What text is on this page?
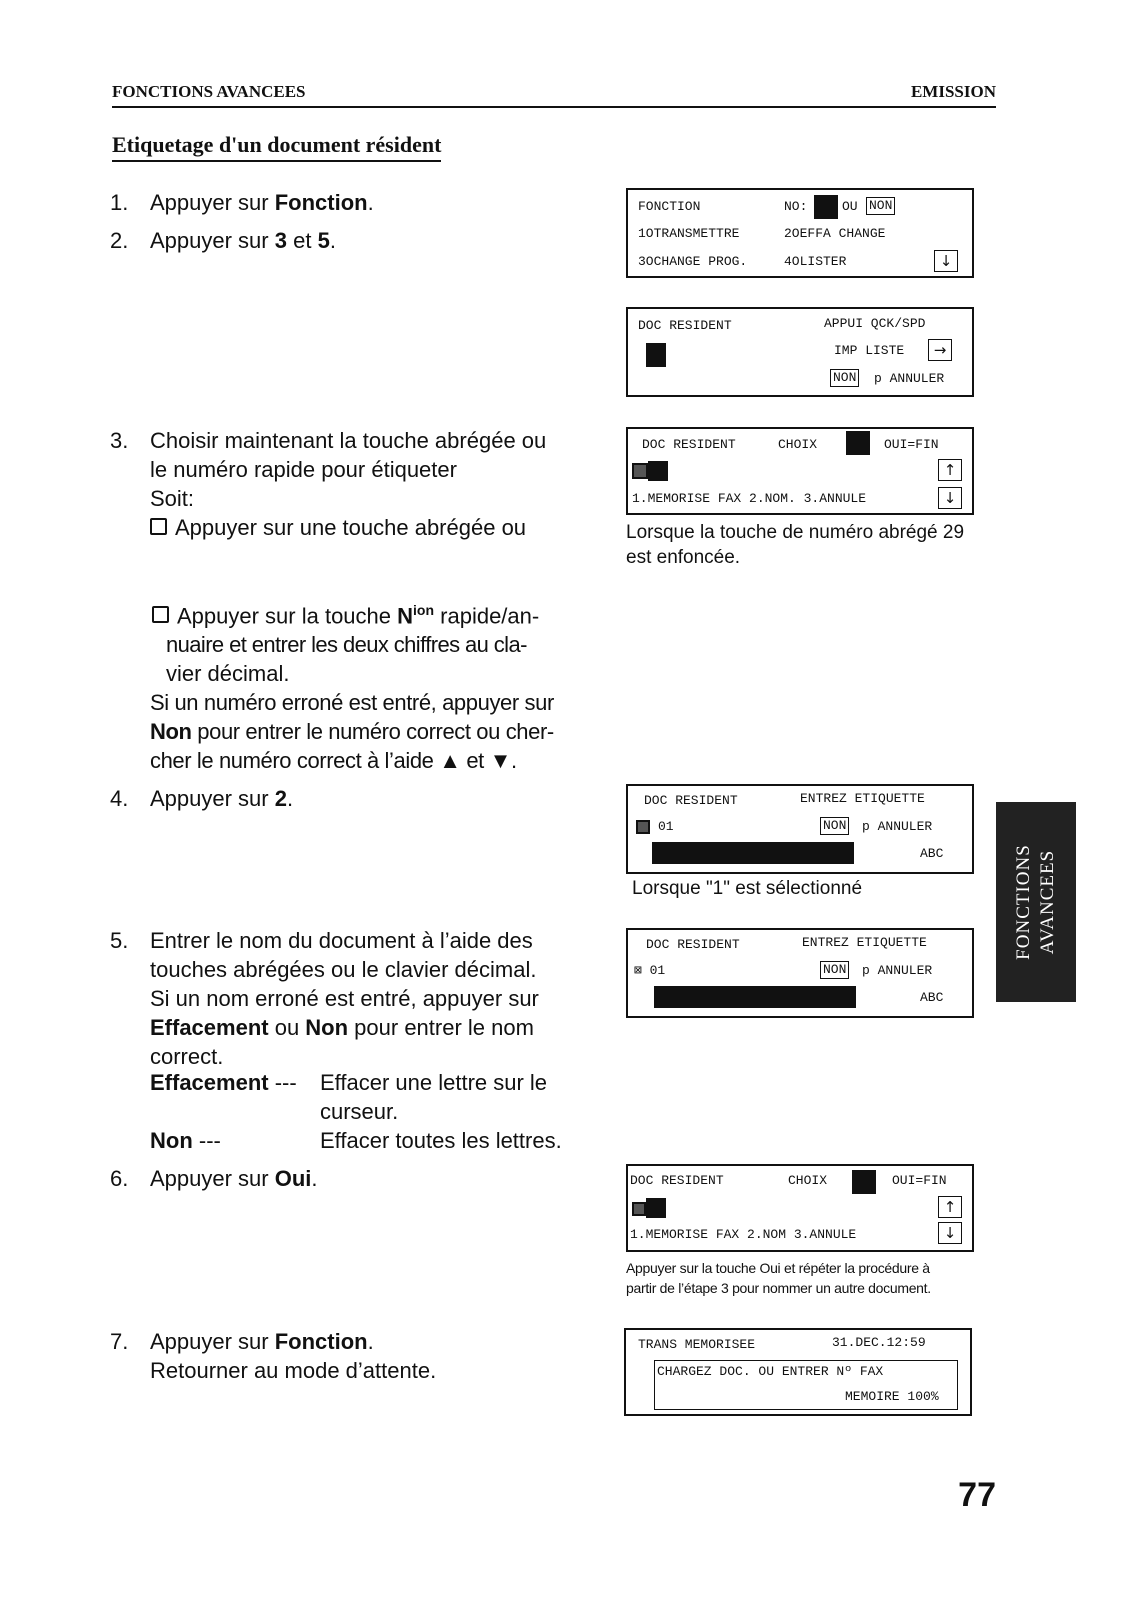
FONCTIONS AVANCEES	EMISSION
Etiquetage d'un document résident
1. Appuyer sur Fonction.
2. Appuyer sur 3 et 5.
3. Choisir maintenant la touche abrégée ou
le numéro rapide pour étiqueter
Soit:
Appuyer sur une touche abrégée ou
Appuyer sur la touche $N^{ion}$ rapide/an-
nuaire et entrer les deux chiffres au cla-
vier décimal.
Si un numéro erroné est entré, appuyer sur
Non pour entrer le numéro correct ou cher-
cher le numéro correct à l’aide ▲ et ▼.
4. Appuyer sur 2.
5. Entrer le nom du document à l’aide des
touches abrégées ou le clavier décimal.
Si un nom erroné est entré, appuyer sur
Effacement ou Non pour entrer le nom
correct.
Effacement --- Effacer une lettre sur le
curseur.
Non ---	Effacer toutes les lettres.
6. Appuyer sur Oui.
7. Appuyer sur Fonction.
Retourner au mode d’attente.
FONCTION	NO:	OU NON
1OTRANSMETTRE	2OEFFA CHANGE
3OCHANGE PROG.	4OLISTER	↓
DOC RESIDENT	APPUI QCK/SPD
IMP LISTE	→
NON p ANNULER
DOC RESIDENT	CHOIX	OUI=FIN
↑
1.MEMORISE FAX 2.NOM. 3.ANNULE	↓
Lorsque la touche de numéro abrégé 29
est enfoncée.
DOC RESIDENT	ENTREZ ETIQUETTE
01	NON p ANNULER
ABC
Lorsque "1" est sélectionné
DOC RESIDENT	ENTREZ ETIQUETTE
⊠ 01	NON p ANNULER
ABC
DOC RESIDENT	CHOIX	OUI=FIN
↑
1.MEMORISE FAX 2.NOM 3.ANNULE	↓
Appuyer sur la touche Oui et répéter la procédure à
partir de l’étape 3 pour nommer un autre document.
TRANS MEMORISEE	31.DEC.12:59
CHARGEZ DOC. OU ENTRER Nº FAX
MEMOIRE 100%
FONCTIONS AVANCEES
77
